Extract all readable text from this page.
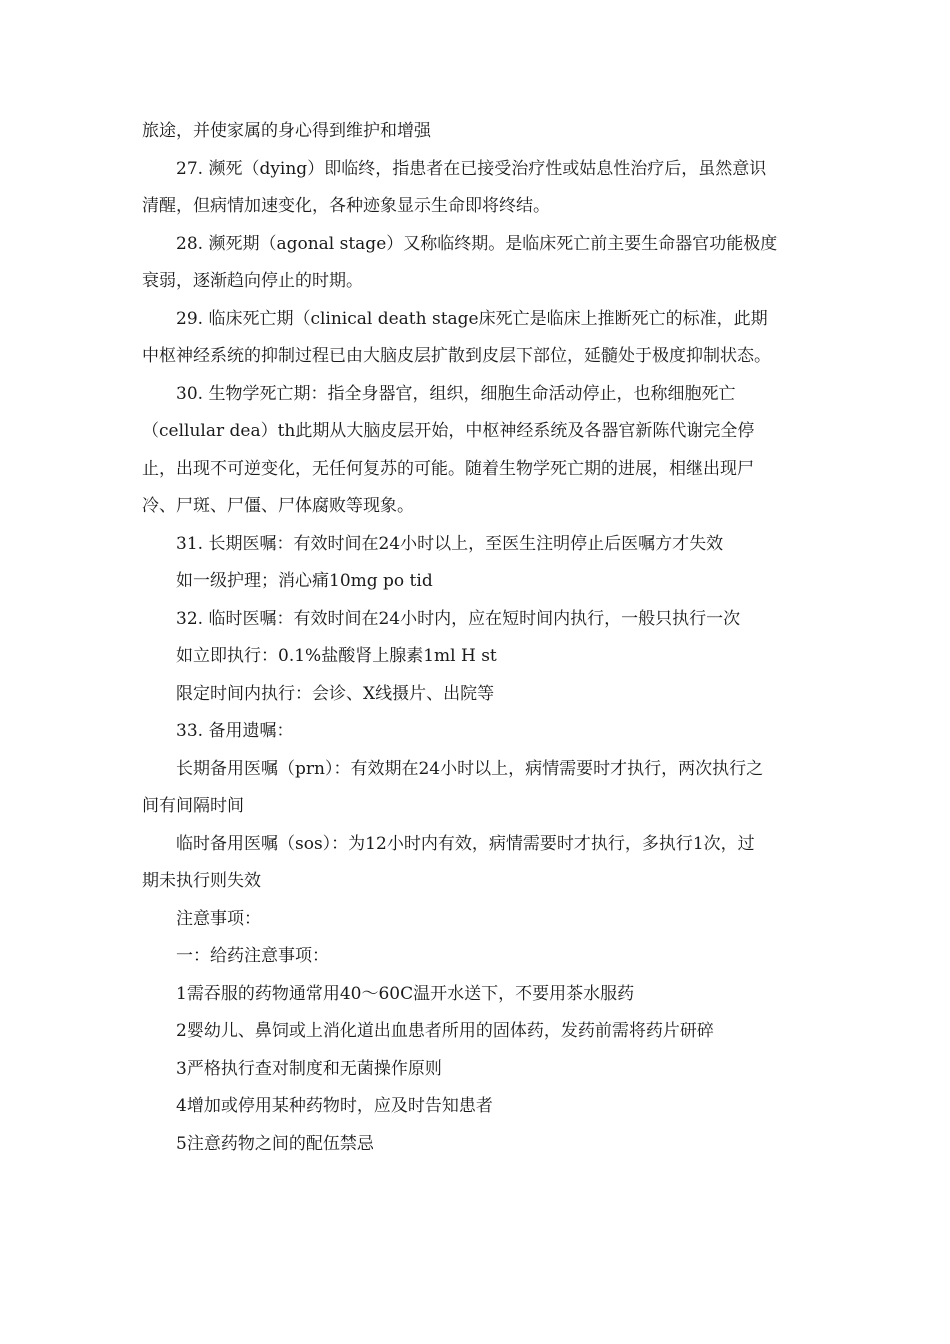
旅途，并使家属的身心得到维护和增强
27. 濒死（dying）即临终，指患者在已接受治疗性或姑息性治疗后，虽然意识
清醒，但病情加速变化，各种迹象显示生命即将终结。
28. 濒死期（agonal stage）又称临终期。是临床死亡前主要生命器官功能极度
衰弱，逐渐趋向停止的时期。
29. 临床死亡期（clinical death stage床死亡是临床上推断死亡的标准，此期
中枢神经系统的抑制过程已由大脑皮层扩散到皮层下部位，延髓处于极度抑制状态。
30. 生物学死亡期：指全身器官，组织，细胞生命活动停止，也称细胞死亡
（cellular dea）th此期从大脑皮层开始，中枢神经系统及各器官新陈代谢完全停
止，出现不可逆变化，无任何复苏的可能。随着生物学死亡期的进展，相继出现尸
冷、尸斑、尸僵、尸体腐败等现象。
31. 长期医嘱：有效时间在24小时以上，至医生注明停止后医嘱方才失效
如一级护理；消心痛10mg po tid
32. 临时医嘱：有效时间在24小时内，应在短时间内执行，一般只执行一次
如立即执行：0.1%盐酸肾上腺素1ml H st
限定时间内执行：会诊、X线摄片、出院等
33. 备用遗嘱：
长期备用医嘱（prn）：有效期在24小时以上，病情需要时才执行，两次执行之
间有间隔时间
临时备用医嘱（sos）：为12小时内有效，病情需要时才执行，多执行1次，过
期未执行则失效
注意事项：
一：给药注意事项：
1需吞服的药物通常用40〜60C温开水送下，不要用茶水服药
2婴幼儿、鼻饲或上消化道出血患者所用的固体药，发药前需将药片研碎
3严格执行查对制度和无菌操作原则
4增加或停用某种药物时，应及时告知患者
5注意药物之间的配伍禁忌
